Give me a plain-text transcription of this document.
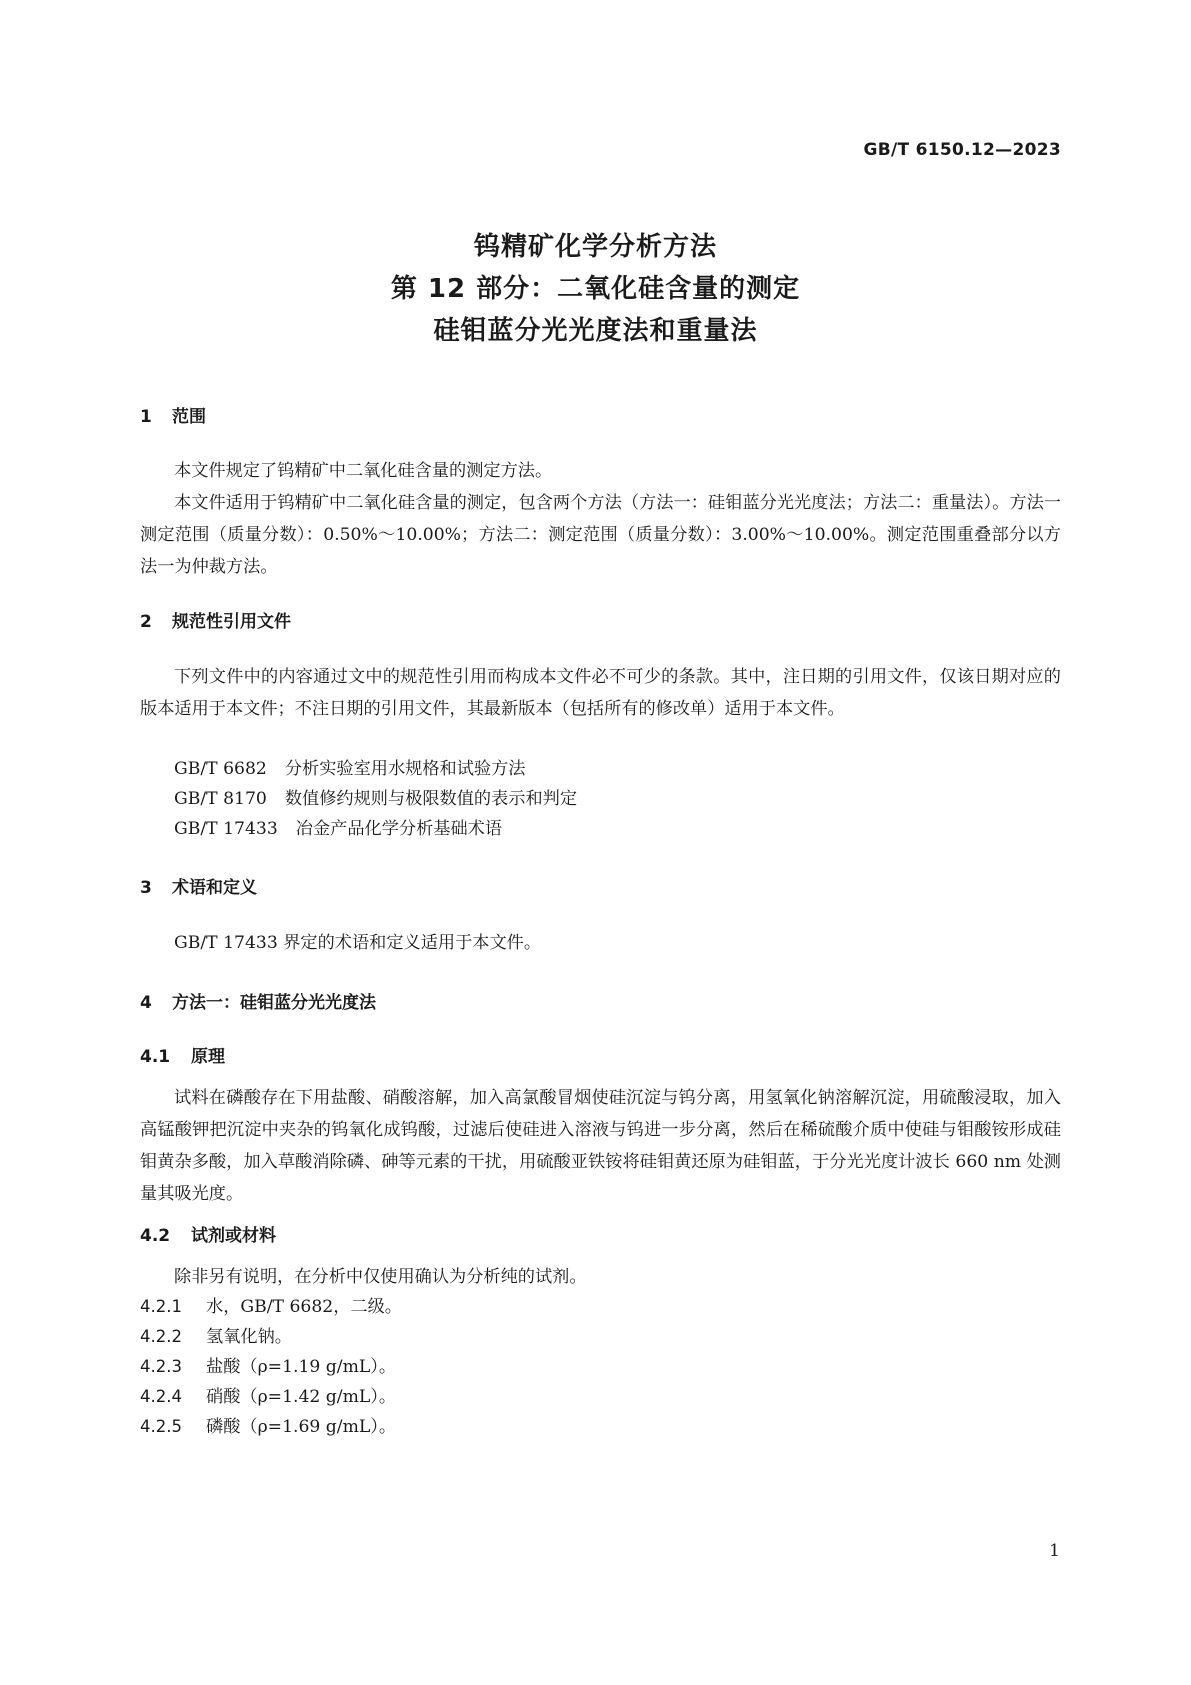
GB/T 6150.12—2023
钨精矿化学分析方法
第 12 部分：二氧化硅含量的测定
硅钼蓝分光光度法和重量法
1 范围

本文件规定了钨精矿中二氧化硅含量的测定方法。

本文件适用于钨精矿中二氧化硅含量的测定，包含两个方法（方法一：硅钼蓝分光光度法；方法二：重量法）。方法一测定范围（质量分数）：0.50%～10.00%；方法二：测定范围（质量分数）：3.00%～10.00%。测定范围重叠部分以方法一为仲裁方法。

2 规范性引用文件

下列文件中的内容通过文中的规范性引用而构成本文件必不可少的条款。其中，注日期的引用文件，仅该日期对应的版本适用于本文件；不注日期的引用文件，其最新版本（包括所有的修改单）适用于本文件。

GB/T 6682 分析实验室用水规格和试验方法
GB/T 8170 数值修约规则与极限数值的表示和判定
GB/T 17433 冶金产品化学分析基础术语
3 术语和定义

GB/T 17433 界定的术语和定义适用于本文件。

4 方法一：硅钼蓝分光光度法
4.1 原理

试料在磷酸存在下用盐酸、硝酸溶解，加入高氯酸冒烟使硅沉淀与钨分离，用氢氧化钠溶解沉淀，用硫酸浸取，加入高锰酸钾把沉淀中夹杂的钨氧化成钨酸，过滤后使硅进入溶液与钨进一步分离，然后在稀硫酸介质中使硅与钼酸铵形成硅钼黄杂多酸，加入草酸消除磷、砷等元素的干扰，用硫酸亚铁铵将硅钼黄还原为硅钼蓝，于分光光度计波长 660 nm 处测量其吸光度。

4.2 试剂或材料

除非另有说明，在分析中仅使用确认为分析纯的试剂。

4.2.1 水，GB/T 6682，二级。
4.2.2 氢氧化钠。
4.2.3 盐酸（ρ=1.19 g/mL）。
4.2.4 硝酸（ρ=1.42 g/mL）。
4.2.5 磷酸（ρ=1.69 g/mL）。
1
